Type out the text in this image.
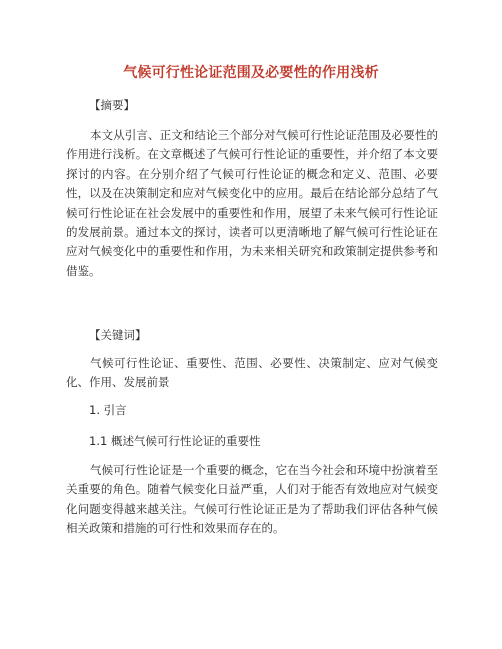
气候可行性论证范围及必要性的作用浅析
【摘要】

本文从引言、正文和结论三个部分对气候可行性论证范围及必要性的作用进行浅析。在文章概述了气候可行性论证的重要性，并介绍了本文要探讨的内容。在分别介绍了气候可行性论证的概念和定义、范围、必要性，以及在决策制定和应对气候变化中的应用。最后在结论部分总结了气候可行性论证在社会发展中的重要性和作用，展望了未来气候可行性论证的发展前景。通过本文的探讨，读者可以更清晰地了解气候可行性论证在应对气候变化中的重要性和作用，为未来相关研究和政策制定提供参考和借鉴。

【关键词】

气候可行性论证、重要性、范围、必要性、决策制定、应对气候变化、作用、发展前景

1. 引言
1.1 概述气候可行性论证的重要性

气候可行性论证是一个重要的概念，它在当今社会和环境中扮演着至关重要的角色。随着气候变化日益严重，人们对于能否有效地应对气候变化问题变得越来越关注。气候可行性论证正是为了帮助我们评估各种气候相关政策和措施的可行性和效果而存在的。
